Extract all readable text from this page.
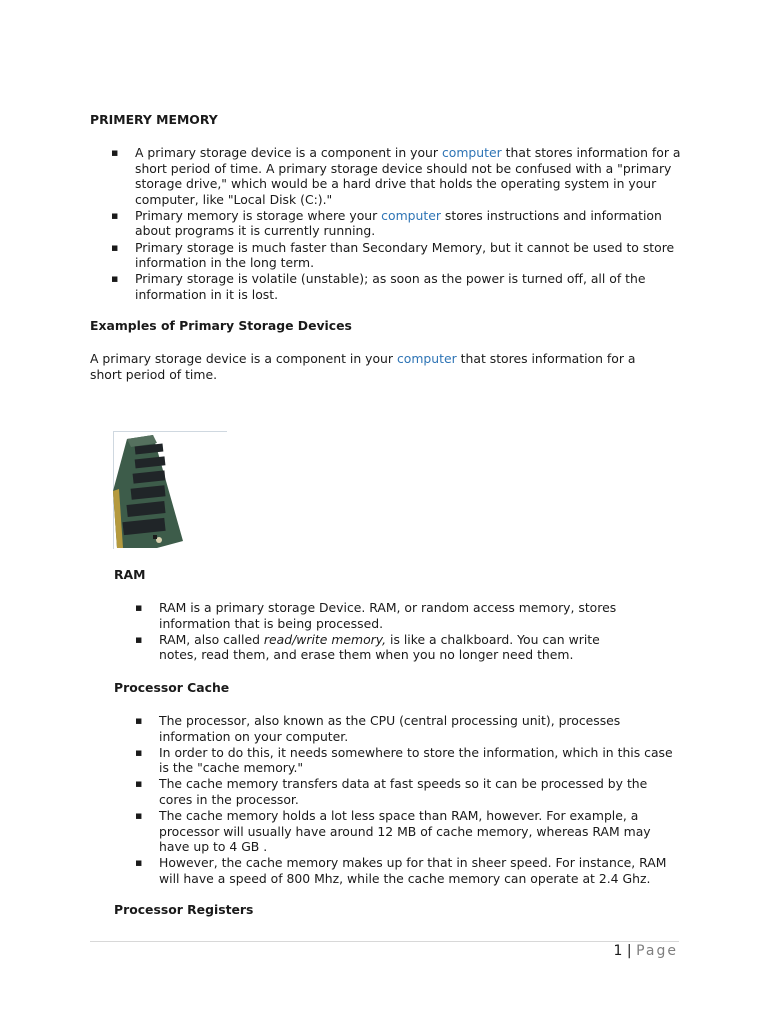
PRIMERY MEMORY
▪ A primary storage device is a component in your computer that stores information for a short period of time. A primary storage device should not be confused with a "primary storage drive," which would be a hard drive that holds the operating system in your computer, like "Local Disk (C:)."
▪ Primary memory is storage where your computer stores instructions and information about programs it is currently running.
▪ Primary storage is much faster than Secondary Memory, but it cannot be used to store information in the long term.
▪ Primary storage is volatile (unstable); as soon as the power is turned off, all of the information in it is lost.
Examples of Primary Storage Devices
A primary storage device is a component in your computer that stores information for a short period of time.
RAM
▪ RAM is a primary storage Device. RAM, or random access memory, stores information that is being processed.
▪ RAM, also called read/write memory, is like a chalkboard. You can write notes, read them, and erase them when you no longer need them.
Processor Cache
▪ The processor, also known as the CPU (central processing unit), processes information on your computer.
▪ In order to do this, it needs somewhere to store the information, which in this case is the "cache memory."
▪ The cache memory transfers data at fast speeds so it can be processed by the cores in the processor.
▪ The cache memory holds a lot less space than RAM, however. For example, a processor will usually have around 12 MB of cache memory, whereas RAM may have up to 4 GB .
▪ However, the cache memory makes up for that in sheer speed. For instance, RAM will have a speed of 800 Mhz, while the cache memory can operate at 2.4 Ghz.
Processor Registers
1 | Page
